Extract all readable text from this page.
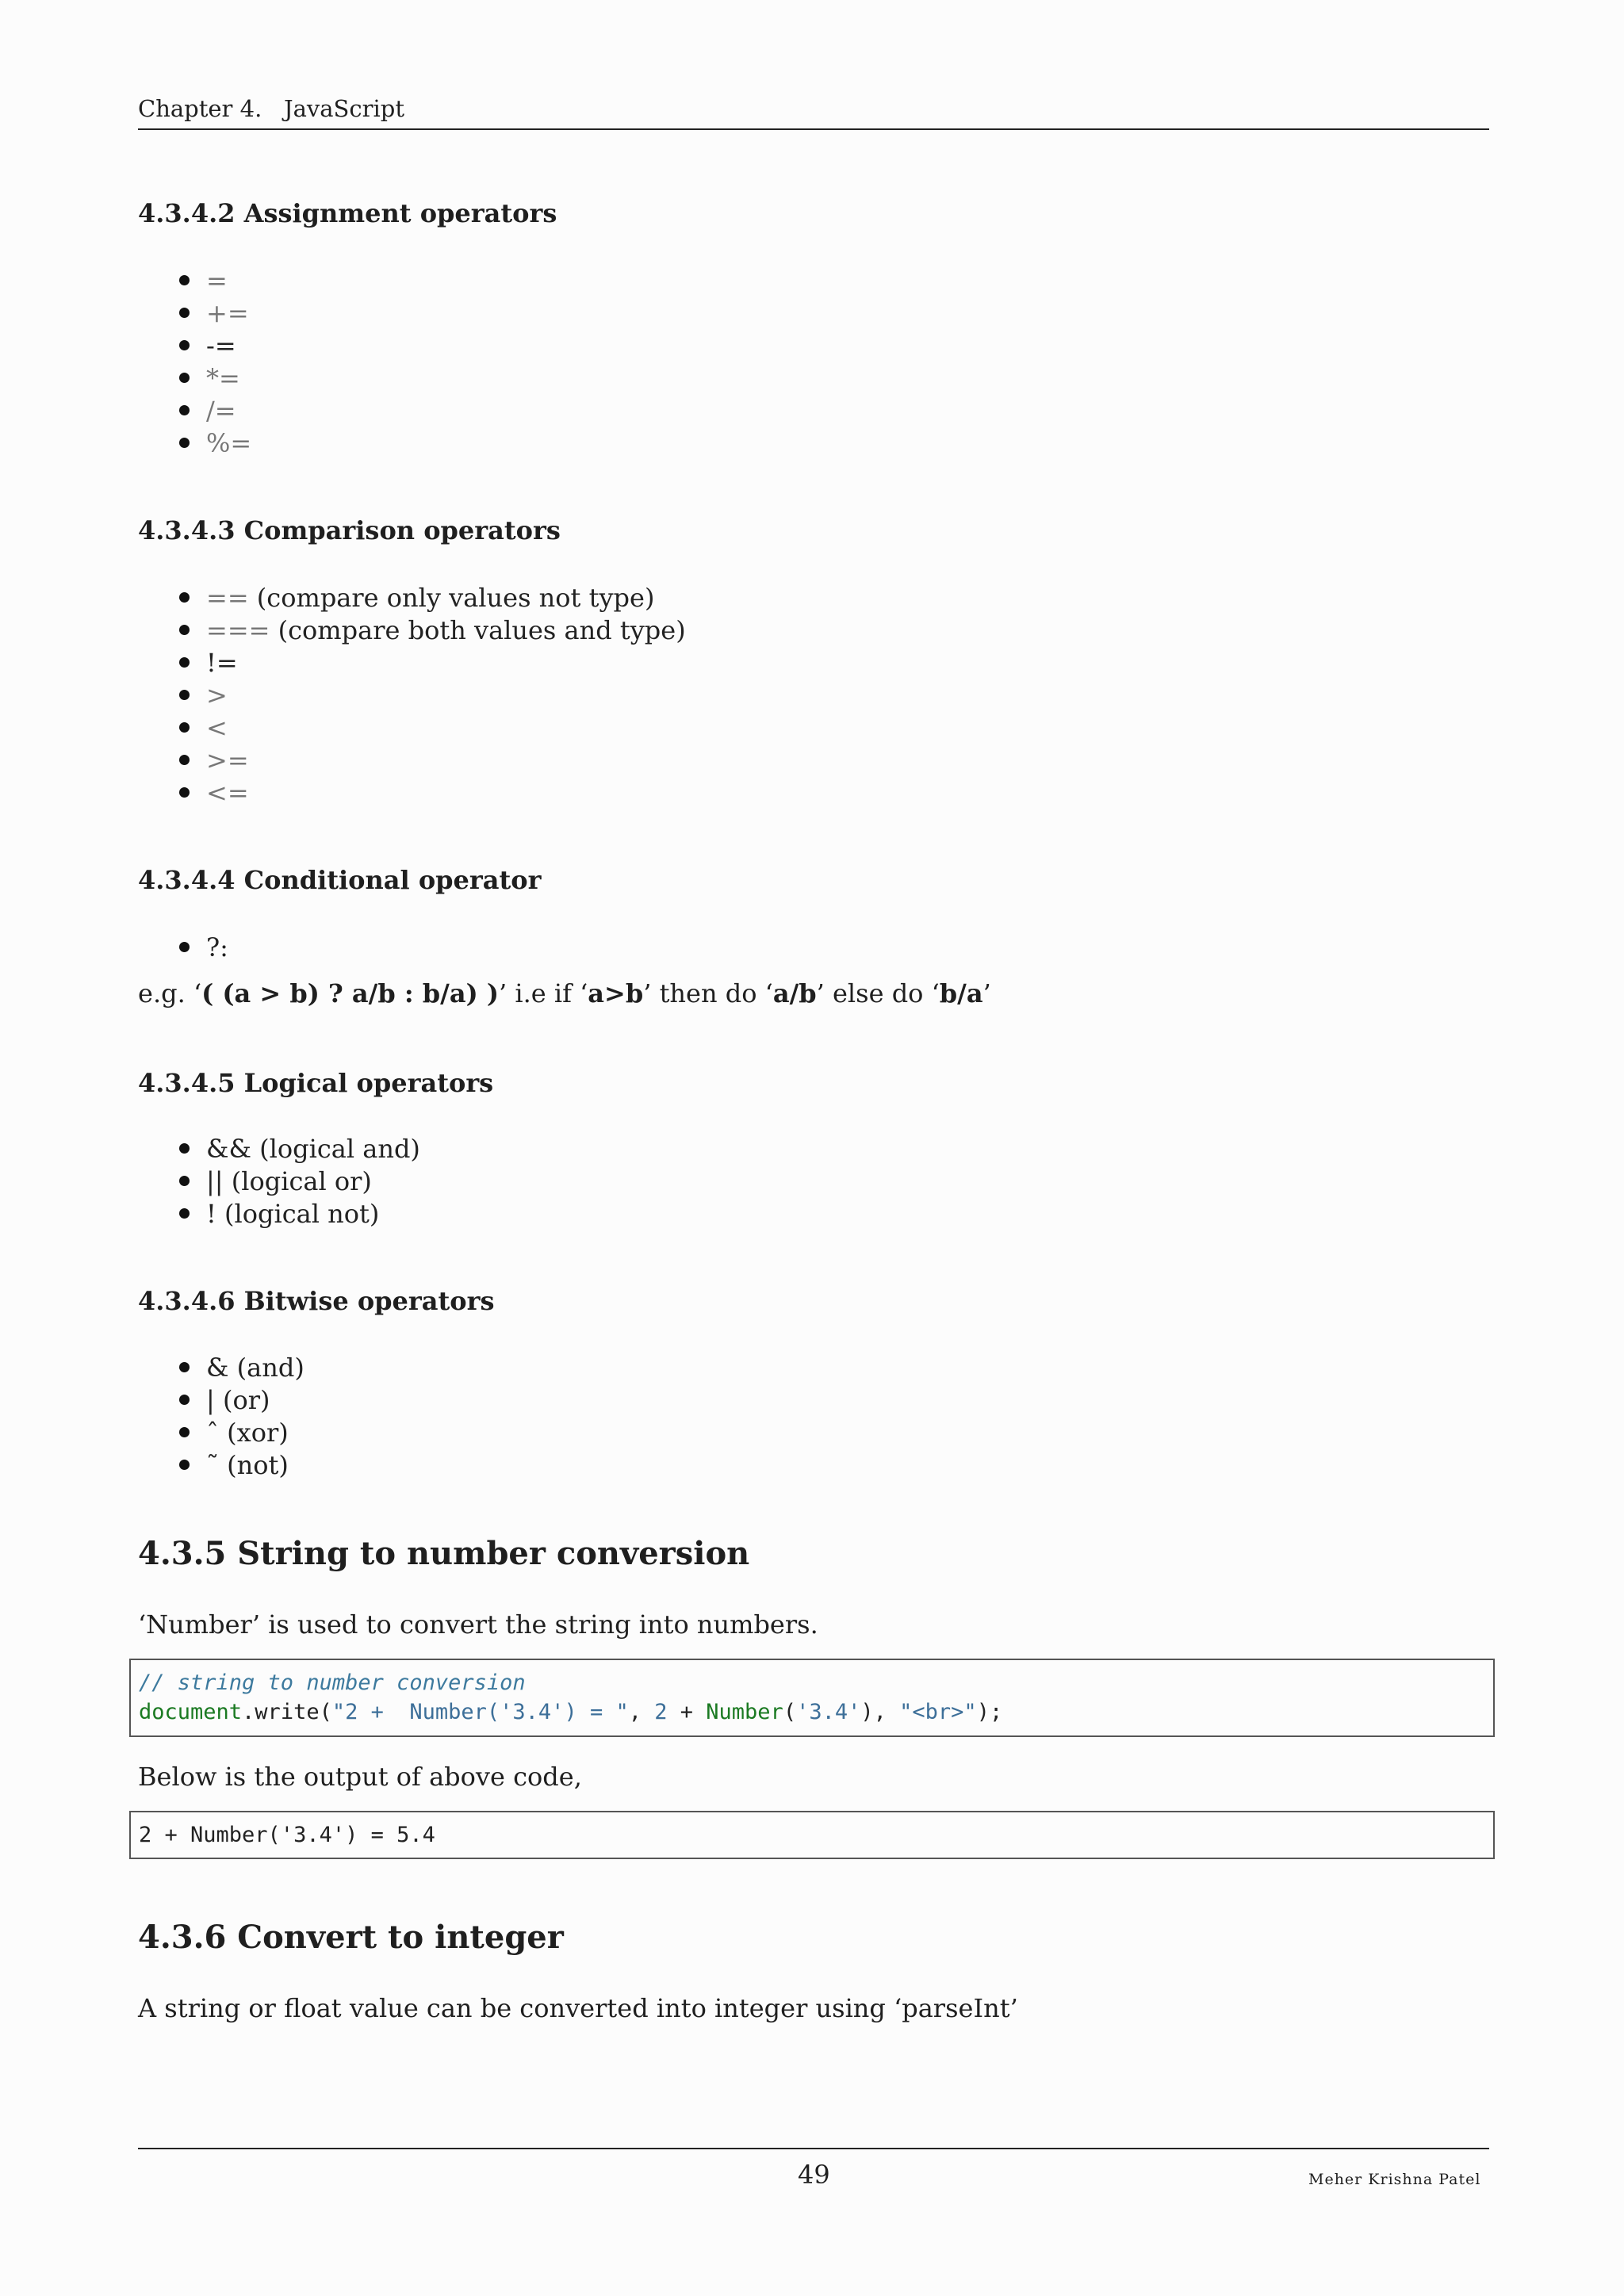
Chapter 4. JavaScript
4.3.4.2 Assignment operators
=
+=
-=
*=
/=
%=
4.3.4.3 Comparison operators
== (compare only values not type)
=== (compare both values and type)
!=
>
<
>=
<=
4.3.4.4 Conditional operator
?:

e.g. ‘( (a > b) ? a/b : b/a) )’ i.e if ‘a>b’ then do ‘a/b’ else do ‘b/a’

4.3.4.5 Logical operators
&& (logical and)
|| (logical or)
! (logical not)
4.3.4.6 Bitwise operators
& (and)
| (or)
ˆ (xor)
˜ (not)
4.3.5 String to number conversion

‘Number’ is used to convert the string into numbers.

// string to number conversion
document.write("2 +  Number('3.4') = ", 2 + Number('3.4'), "<br>");

Below is the output of above code,

2 + Number('3.4') = 5.4
4.3.6 Convert to integer

A string or float value can be converted into integer using ‘parseInt’

49	Meher Krishna Patel
